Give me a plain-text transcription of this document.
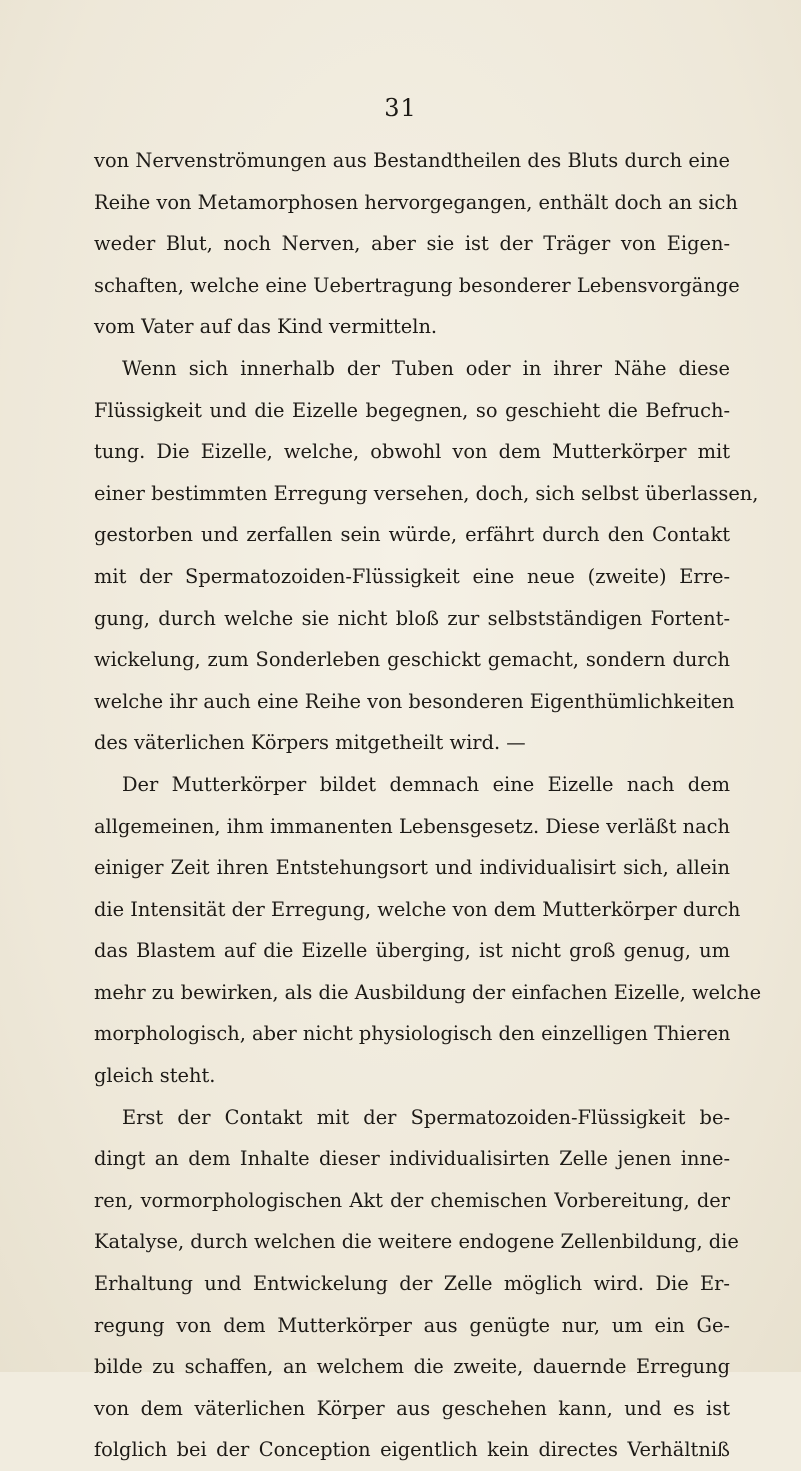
31
von Nervenströmungen aus Bestandtheilen des Bluts durch eine
Reihe von Metamorphosen hervorgegangen, enthält doch an sich
weder Blut, noch Nerven, aber sie ist der Träger von Eigen-
schaften, welche eine Uebertragung besonderer Lebensvorgänge
vom Vater auf das Kind vermitteln.
Wenn sich innerhalb der Tuben oder in ihrer Nähe diese
Flüssigkeit und die Eizelle begegnen, so geschieht die Befruch-
tung. Die Eizelle, welche, obwohl von dem Mutterkörper mit
einer bestimmten Erregung versehen, doch, sich selbst überlassen,
gestorben und zerfallen sein würde, erfährt durch den Contakt
mit der Spermatozoiden-Flüssigkeit eine neue (zweite) Erre-
gung, durch welche sie nicht bloß zur selbstständigen Fortent-
wickelung, zum Sonderleben geschickt gemacht, sondern durch
welche ihr auch eine Reihe von besonderen Eigenthümlichkeiten
des väterlichen Körpers mitgetheilt wird. —
Der Mutterkörper bildet demnach eine Eizelle nach dem
allgemeinen, ihm immanenten Lebensgesetz. Diese verläßt nach
einiger Zeit ihren Entstehungsort und individualisirt sich, allein
die Intensität der Erregung, welche von dem Mutterkörper durch
das Blastem auf die Eizelle überging, ist nicht groß genug, um
mehr zu bewirken, als die Ausbildung der einfachen Eizelle, welche
morphologisch, aber nicht physiologisch den einzelligen Thieren
gleich steht.
Erst der Contakt mit der Spermatozoiden-Flüssigkeit be-
dingt an dem Inhalte dieser individualisirten Zelle jenen inne-
ren, vormorphologischen Akt der chemischen Vorbereitung, der
Katalyse, durch welchen die weitere endogene Zellenbildung, die
Erhaltung und Entwickelung der Zelle möglich wird. Die Er-
regung von dem Mutterkörper aus genügte nur, um ein Ge-
bilde zu schaffen, an welchem die zweite, dauernde Erregung
von dem väterlichen Körper aus geschehen kann, und es ist
folglich bei der Conception eigentlich kein directes Verhältniß
